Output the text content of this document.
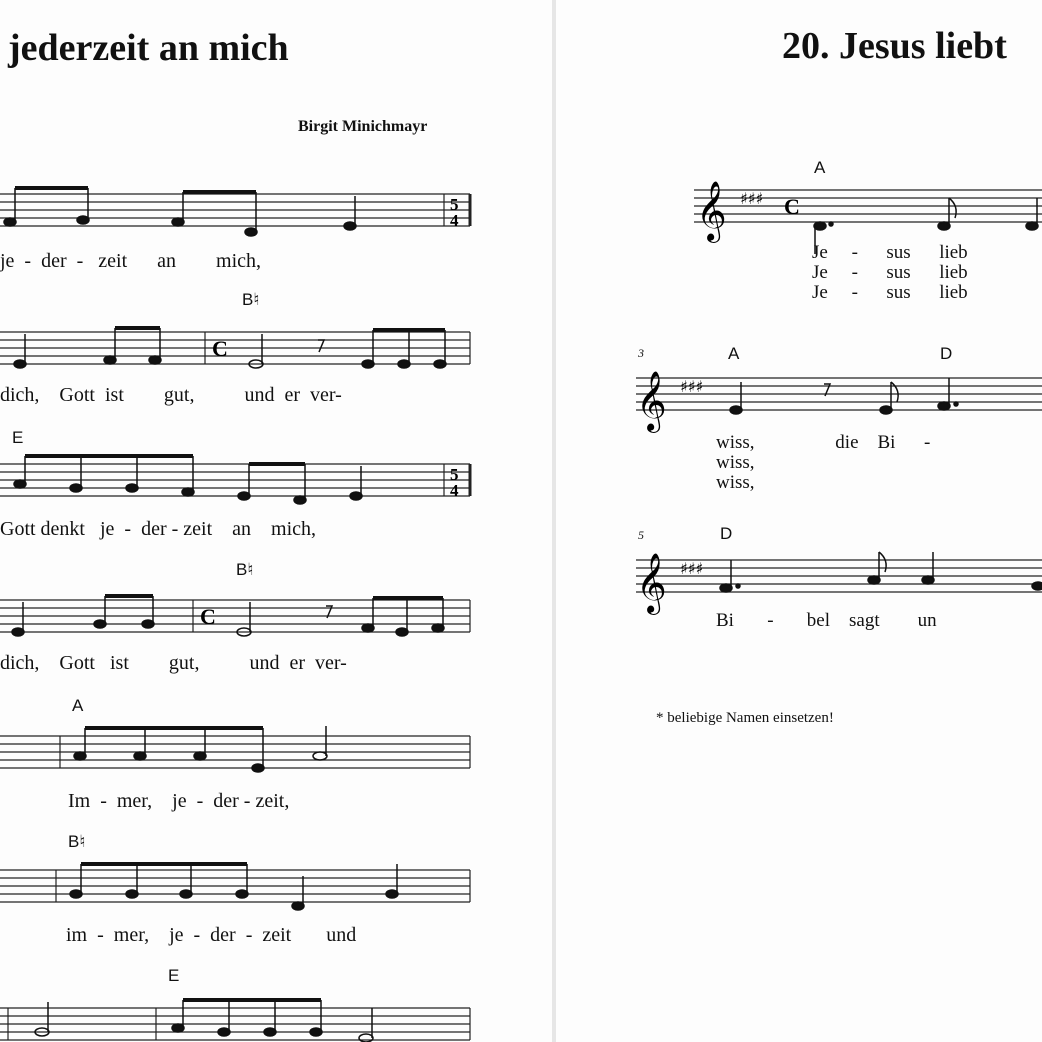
jederzeit an mich
Birgit Minichmayr
5
4
je  -  der  -   zeit      an        mich,
B♮
C
dich,    Gott  ist        gut,          und  er  ver-
E
5
4
Gott denkt   je  -  der - zeit    an    mich,
B♮
C
dich,    Gott   ist        gut,          und  er  ver-
A
Im  -  mer,    je  -  der - zeit,
B♮
im  -  mer,    je  -  der  -  zeit       und
E
20. Jesus liebt
A
𝄞 ♯♯♯ C
Je     -      sus      lieb
Je     -      sus      lieb
Je     -      sus      lieb
3	A	D
𝄞 ♯♯♯
wiss,                 die    Bi      -
wiss,
wiss,
5	D
𝄞 ♯♯♯
Bi       -       bel    sagt        un
* beliebige Namen einsetzen!
